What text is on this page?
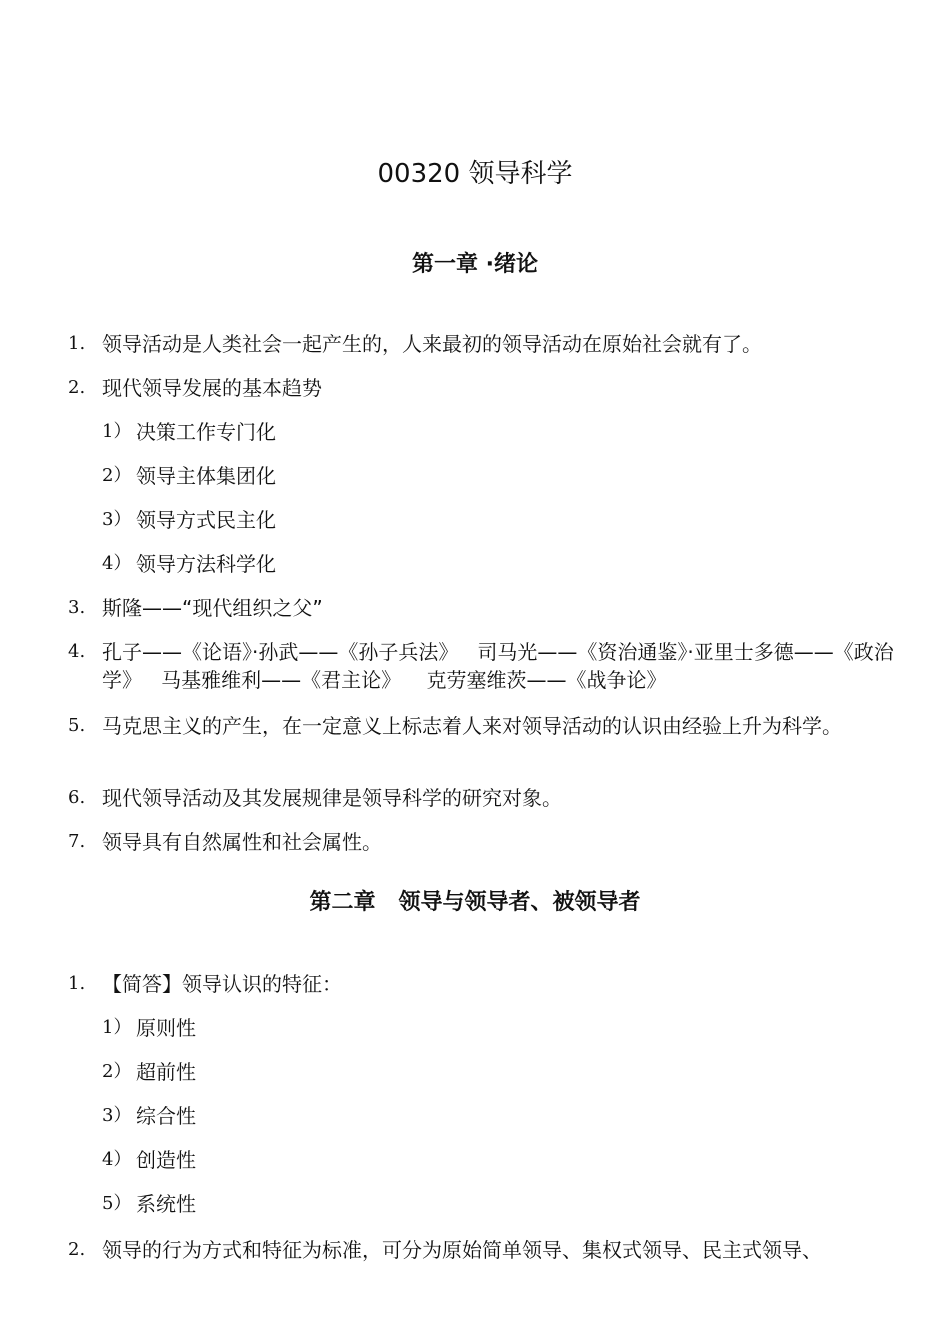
00320 领导科学
第一章 ·绪论
1. 领导活动是人类社会一起产生的，人来最初的领导活动在原始社会就有了。
2. 现代领导发展的基本趋势
1） 决策工作专门化
2） 领导主体集团化
3） 领导方式民主化
4） 领导方法科学化
3. 斯隆——“现代组织之父”
4. 孔子——《论语》·孙武——《孙子兵法》   司马光——《资治通鉴》·亚里士多德——《政治学》   马基雅维利——《君主论》    克劳塞维茨——《战争论》
5. 马克思主义的产生，在一定意义上标志着人来对领导活动的认识由经验上升为科学。
6. 现代领导活动及其发展规律是领导科学的研究对象。
7. 领导具有自然属性和社会属性。
第二章   领导与领导者、被领导者
1. 【简答】领导认识的特征：
1） 原则性
2） 超前性
3） 综合性
4） 创造性
5） 系统性
2. 领导的行为方式和特征为标准，可分为原始简单领导、集权式领导、民主式领导、
